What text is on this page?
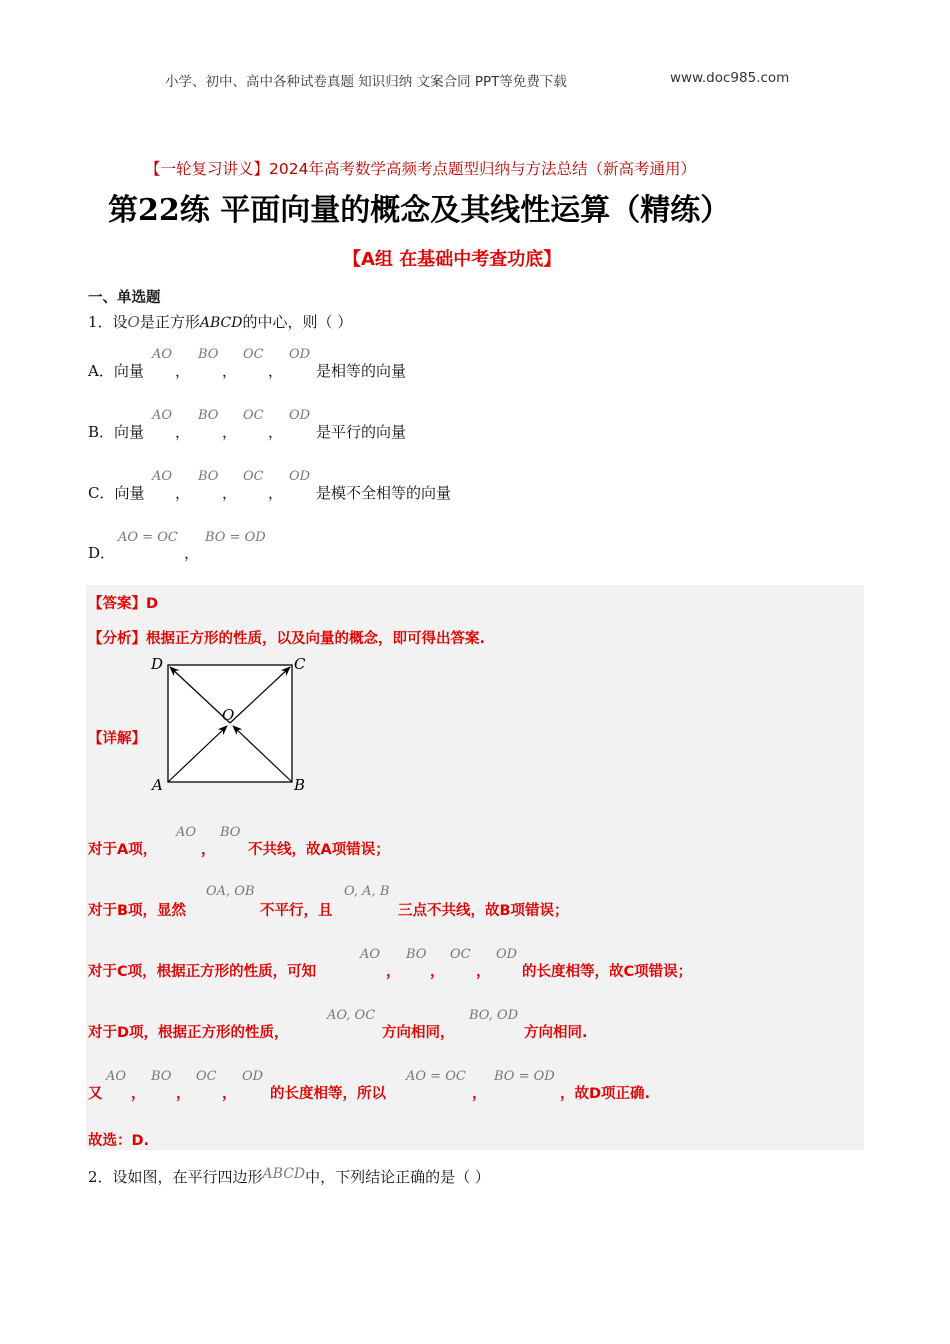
小学、初中、高中各种试卷真题 知识归纳 文案合同 PPT等免费下载	www.doc985.com
【一轮复习讲义】2024年高考数学高频考点题型归纳与方法总结（新高考通用）
第22练 平面向量的概念及其线性运算（精练）
【A组 在基础中考查功底】
一、单选题
1．设O是正方形ABCD的中心，则（ ）
A．向量
AO
，
BO
，
OC
，
OD
是相等的向量
B．向量
AO
，
BO
，
OC
，
OD
是平行的向量
C．向量
AO
，
BO
，
OC
，
OD
是模不全相等的向量
D．
AO = OC
，
BO = OD
【答案】D
【分析】根据正方形的性质，以及向量的概念，即可得出答案.
【详解】
D	C
O
A	B
对于A项，
AO
，
BO
不共线，故A项错误；
对于B项，显然
OA, OB
不平行，且
O, A, B
三点不共线，故B项错误；
对于C项，根据正方形的性质，可知
AO
，
BO
，
OC
，
OD
的长度相等，故C项错误；
对于D项，根据正方形的性质，
AO, OC
方向相同，
BO, OD
方向相同.
又
AO
，
BO
，
OC
，
OD
的长度相等，所以
AO = OC
，
BO = OD
，故D项正确.
故选：D.
2．设如图，在平行四边形ABCD中，下列结论正确的是（ ）
